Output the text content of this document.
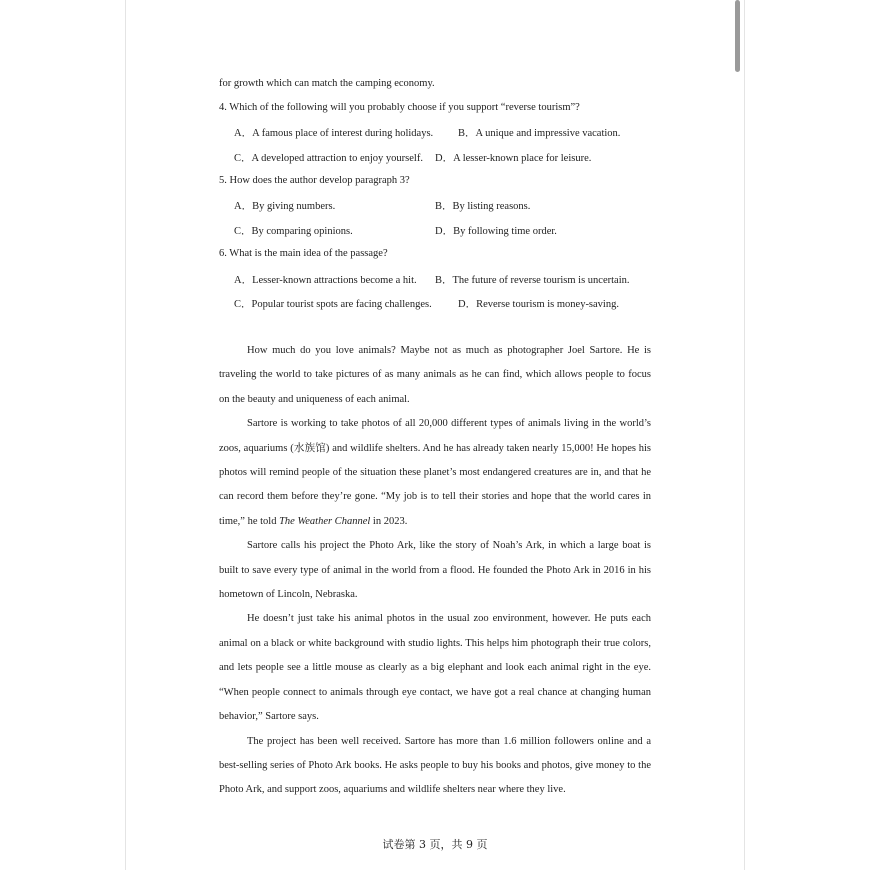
for growth which can match the camping economy.
4. Which of the following will you probably choose if you support “reverse tourism”?
A．A famous place of interest during holidays. B．A unique and impressive vacation.
C．A developed attraction to enjoy yourself. D．A lesser-known place for leisure.
5. How does the author develop paragraph 3?
A．By giving numbers.	B．By listing reasons.
C．By comparing opinions.	D．By following time order.
6. What is the main idea of the passage?
A．Lesser-known attractions become a hit. B．The future of reverse tourism is uncertain.
C．Popular tourist spots are facing challenges.	D．Reverse tourism is money-saving.

How much do you love animals? Maybe not as much as photographer Joel Sartore. He is traveling the world to take pictures of as many animals as he can find, which allows people to focus on the beauty and uniqueness of each animal.

Sartore is working to take photos of all 20,000 different types of animals living in the world’s zoos, aquariums (水族馆) and wildlife shelters. And he has already taken nearly 15,000! He hopes his photos will remind people of the situation these planet’s most endangered creatures are in, and that he can record them before they’re gone. “My job is to tell their stories and hope that the world cares in time,” he told The Weather Channel in 2023.

Sartore calls his project the Photo Ark, like the story of Noah’s Ark, in which a large boat is built to save every type of animal in the world from a flood. He founded the Photo Ark in 2016 in his hometown of Lincoln, Nebraska.

He doesn’t just take his animal photos in the usual zoo environment, however. He puts each animal on a black or white background with studio lights. This helps him photograph their true colors, and lets people see a little mouse as clearly as a big elephant and look each animal right in the eye. “When people connect to animals through eye contact, we have got a real chance at changing human behavior,” Sartore says.

The project has been well received. Sartore has more than 1.6 million followers online and a best-selling series of Photo Ark books. He asks people to buy his books and photos, give money to the Photo Ark, and support zoos, aquariums and wildlife shelters near where they live.

试卷第 3 页，共 9 页
